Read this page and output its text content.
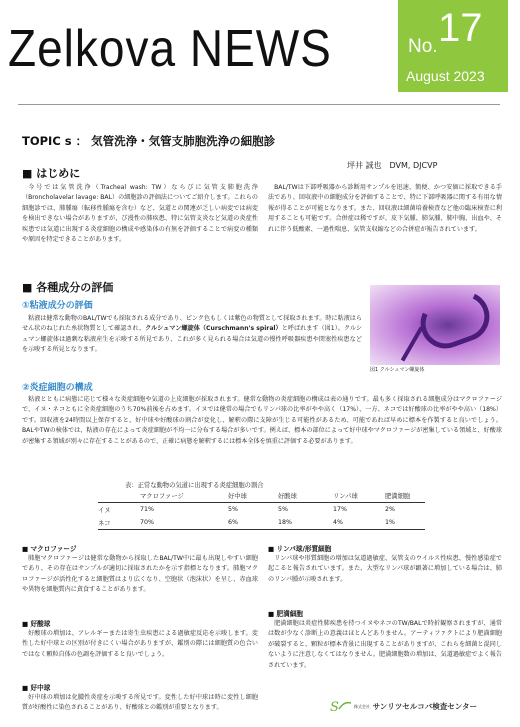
Zelkova NEWS	No. 17
August 2023
TOPIC s ： 気管洗浄・気管支肺胞洗浄の細胞診
■ はじめに
坪井 誠也　DVM, DJCVP
今号では気管洗浄（Tracheal wash: TW）ならびに気管支肺胞洗浄（Broncholavelar lavage: BAL）の細胞診の評価法についてご紹介します。これらの細胞診では、肺腫瘍（転移性腫瘍を含む）など、気道との関連が乏しい病変では病変を検出できない場合がありますが、び漫性の肺疾患、特に気管支炎など気道の炎症性疾患では気道に出現する炎症細胞の構成や感染体の有無を評価することで病変の種類や原因を特定できることがあります。
BAL/TWは下部呼吸器から診断用サンプルを迅速、簡便、かつ安価に採取できる手法であり、回収液中の細胞成分を評価することで、特に下部呼吸器に関する有用な情報が得ることが可能となります。また、回収液は細菌培養検査など他の臨床検査に利用することも可能です。合併症は稀ですが、皮下気腫、肺気腫、肺中胸、出血や、それに伴う低酸素、一過性喘息、気管支収縮などの合併症が報告されています。
■ 各種成分の評価
①粘液成分の評価
粘液は健常な動物のBAL/TWでも採取される成分であり、ピンク色もしくは紫色の物質として採取されます。時に粘液はらせん状のねじれた糸状物質として確認され、クルシュマン螺旋体（Curschmann's spiral）と呼ばれます（図1）。クルシュマン螺旋体は過剰な粘液産生を示唆する所見であり、これが多く見られる場合は気道の慢性呼吸器疾患や閉塞性疾患などを示唆する所見となります。
図1 クルシュマン螺旋体
②炎症細胞の構成
粘液とともに病態に応じて様々な炎症細胞や気道の上皮細胞が採取されます。健常な動物の炎症細胞の構成は表の通りです。最も多く採取される細胞成分はマクロファージで、イヌ・ネコともに全炎症細胞のうち70%前後を占めます。イヌでは健常の場合でもリンパ球の比率がやや高く（17%）、一方、ネコでは好酸球の比率がやや高い（18%）です。回収液を24時間以上保存すると、好中球や好酸球の割合が変化し、解釈の際に支障が生じる可能性があるため、可能であれば早めに標本を作製すると良いでしょう。BALやTWの検体では、粘液の存在によって炎症細胞が不均一に分布する場合が多いです。例えば、標本の部位によって好中球やマクロファージが密集している領域と、好酸球が密集する領域が別々に存在することがあるので、正確に病態を解釈するには標本全体を慎重に評価する必要があります。
表：正常な動物の気道に出現する炎症細胞の割合
	マクロファージ	好中球	好酸球	リンパ球	肥満細胞
イヌ	71%	5%	5%	17%	2%
ネコ	70%	6%	18%	4%	1%
■ マクロファージ
肺胞マクロファージは健常な動物から採取したBAL/TW中に最も出現しやすい細胞であり、その存在はサンプルが適切に採取されたかを示す指標となります。肺胞マクロファージが活性化すると細胞質はより広くなり、空胞状（泡沫状）を呈し、赤血球や異物を細胞質内に貪食することがあります。
■ 好酸球
好酸球の増加は、アレルギーまたは寄生虫疾患による過敏症反応を示唆します。変性した好中球との区別が付きにくい場合がありますが、鑑別の際には細胞質の色合いではなく顆粒自体の色調を評価すると良いでしょう。
■ 好中球
好中球の増加は化膿性炎症を示唆する所見です。変性した好中球は時に変性し細胞質が好酸性に染色されることがあり、好酸球との鑑別が重要となります。
■ リンパ球/形質細胞
リンパ球や形質細胞の増加は気道過敏症、気管支のウイルス性疾患、慢性感染症で起こると報告されています。また、大型なリンパ球が顕著に増加している場合は、肺のリンパ腫が示唆されます。
■ 肥満細胞
肥満細胞は炎症性肺疾患を持つイヌやネコのTW/BALで時折観察されますが、通常は数が少なく診断上の意義はほとんどありません。アーティファクトにより肥満細胞が破裂すると、顆粒が標本背景に出現することがありますが、これらを細菌と混同しないように注意しなくてはなりません。肥満細胞数の増加は、気道過敏症でよく報告されています。
S	株式会社 サンリツセルコバ検査センター
